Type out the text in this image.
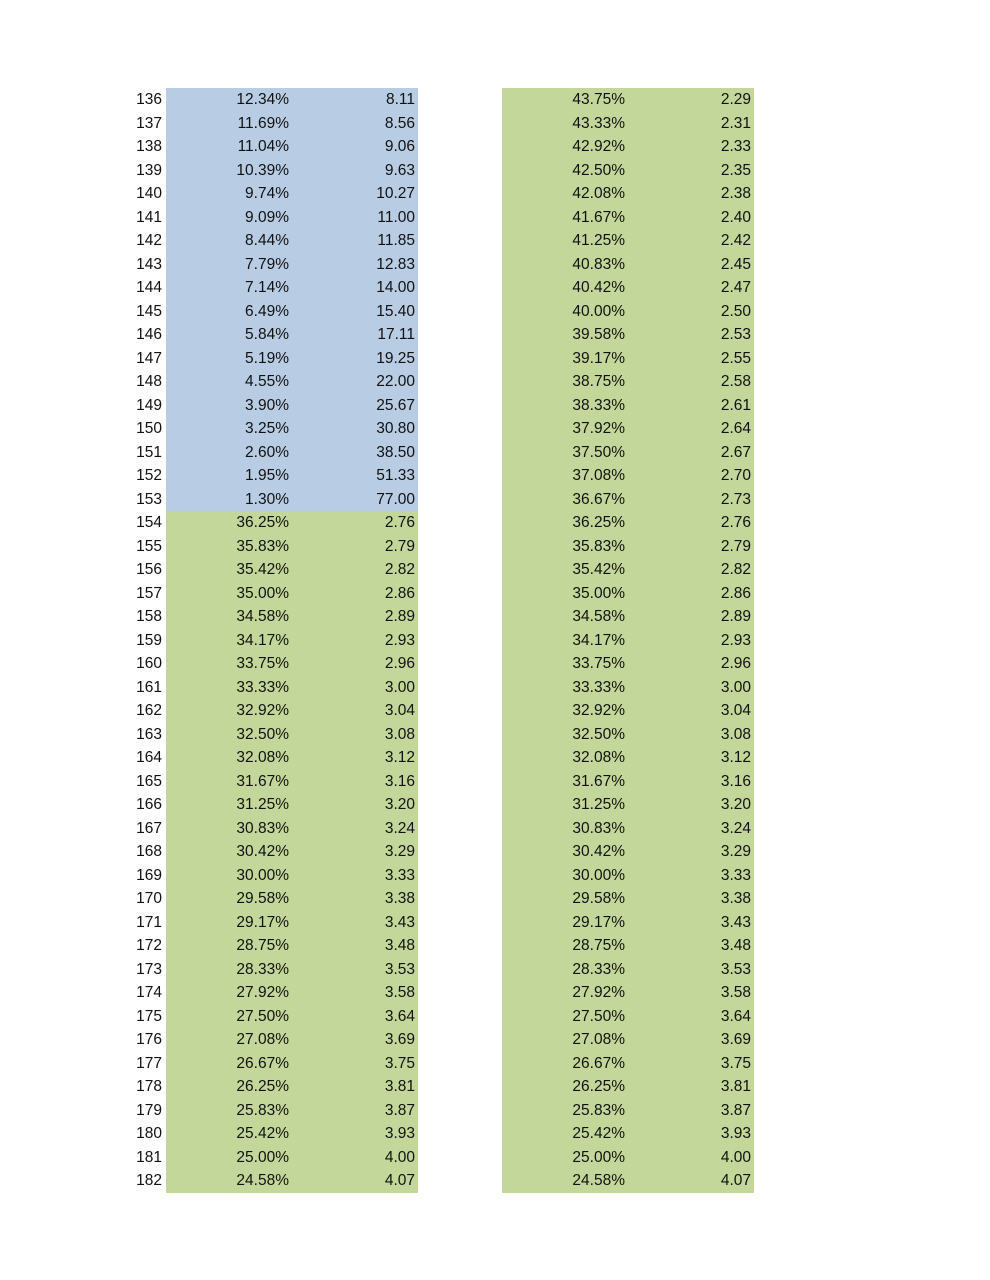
136	12.34%	8.11	43.75%	2.29
137	11.69%	8.56	43.33%	2.31
138	11.04%	9.06	42.92%	2.33
139	10.39%	9.63	42.50%	2.35
140	9.74%	10.27	42.08%	2.38
141	9.09%	11.00	41.67%	2.40
142	8.44%	11.85	41.25%	2.42
143	7.79%	12.83	40.83%	2.45
144	7.14%	14.00	40.42%	2.47
145	6.49%	15.40	40.00%	2.50
146	5.84%	17.11	39.58%	2.53
147	5.19%	19.25	39.17%	2.55
148	4.55%	22.00	38.75%	2.58
149	3.90%	25.67	38.33%	2.61
150	3.25%	30.80	37.92%	2.64
151	2.60%	38.50	37.50%	2.67
152	1.95%	51.33	37.08%	2.70
153	1.30%	77.00	36.67%	2.73
154	36.25%	2.76	36.25%	2.76
155	35.83%	2.79	35.83%	2.79
156	35.42%	2.82	35.42%	2.82
157	35.00%	2.86	35.00%	2.86
158	34.58%	2.89	34.58%	2.89
159	34.17%	2.93	34.17%	2.93
160	33.75%	2.96	33.75%	2.96
161	33.33%	3.00	33.33%	3.00
162	32.92%	3.04	32.92%	3.04
163	32.50%	3.08	32.50%	3.08
164	32.08%	3.12	32.08%	3.12
165	31.67%	3.16	31.67%	3.16
166	31.25%	3.20	31.25%	3.20
167	30.83%	3.24	30.83%	3.24
168	30.42%	3.29	30.42%	3.29
169	30.00%	3.33	30.00%	3.33
170	29.58%	3.38	29.58%	3.38
171	29.17%	3.43	29.17%	3.43
172	28.75%	3.48	28.75%	3.48
173	28.33%	3.53	28.33%	3.53
174	27.92%	3.58	27.92%	3.58
175	27.50%	3.64	27.50%	3.64
176	27.08%	3.69	27.08%	3.69
177	26.67%	3.75	26.67%	3.75
178	26.25%	3.81	26.25%	3.81
179	25.83%	3.87	25.83%	3.87
180	25.42%	3.93	25.42%	3.93
181	25.00%	4.00	25.00%	4.00
182	24.58%	4.07	24.58%	4.07
